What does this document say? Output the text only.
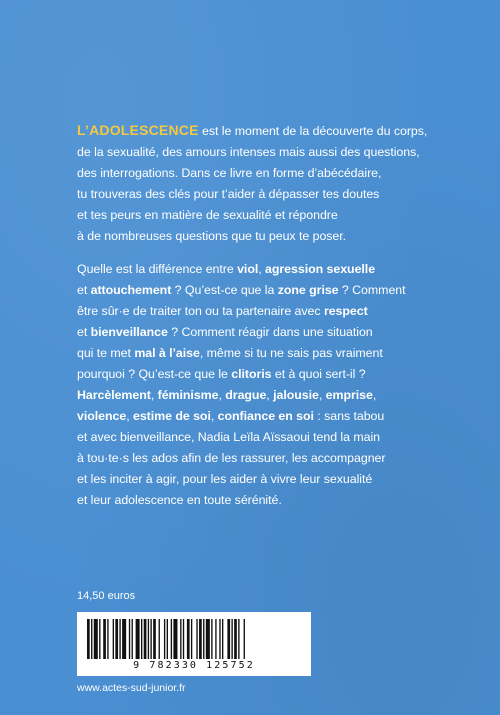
L’ADOLESCENCE est le moment de la découverte du corps,
de la sexualité, des amours intenses mais aussi des questions,
des interrogations. Dans ce livre en forme d’abécédaire,
tu trouveras des clés pour t’aider à dépasser tes doutes
et tes peurs en matière de sexualité et répondre
à de nombreuses questions que tu peux te poser.

Quelle est la différence entre viol, agression sexuelle
et attouchement ? Qu’est-ce que la zone grise ? Comment
être sûr·e de traiter ton ou ta partenaire avec respect
et bienveillance ? Comment réagir dans une situation
qui te met mal à l’aise, même si tu ne sais pas vraiment
pourquoi ? Qu’est-ce que le clitoris et à quoi sert-il ?
Harcèlement, féminisme, drague, jalousie, emprise,
violence, estime de soi, confiance en soi : sans tabou
et avec bienveillance, Nadia Leïla Aïssaoui tend la main
à tou·te·s les ados afin de les rassurer, les accompagner
et les inciter à agir, pour les aider à vivre leur sexualité
et leur adolescence en toute sérénité.

14,50 euros
9 782330 125752
www.actes-sud-junior.fr
